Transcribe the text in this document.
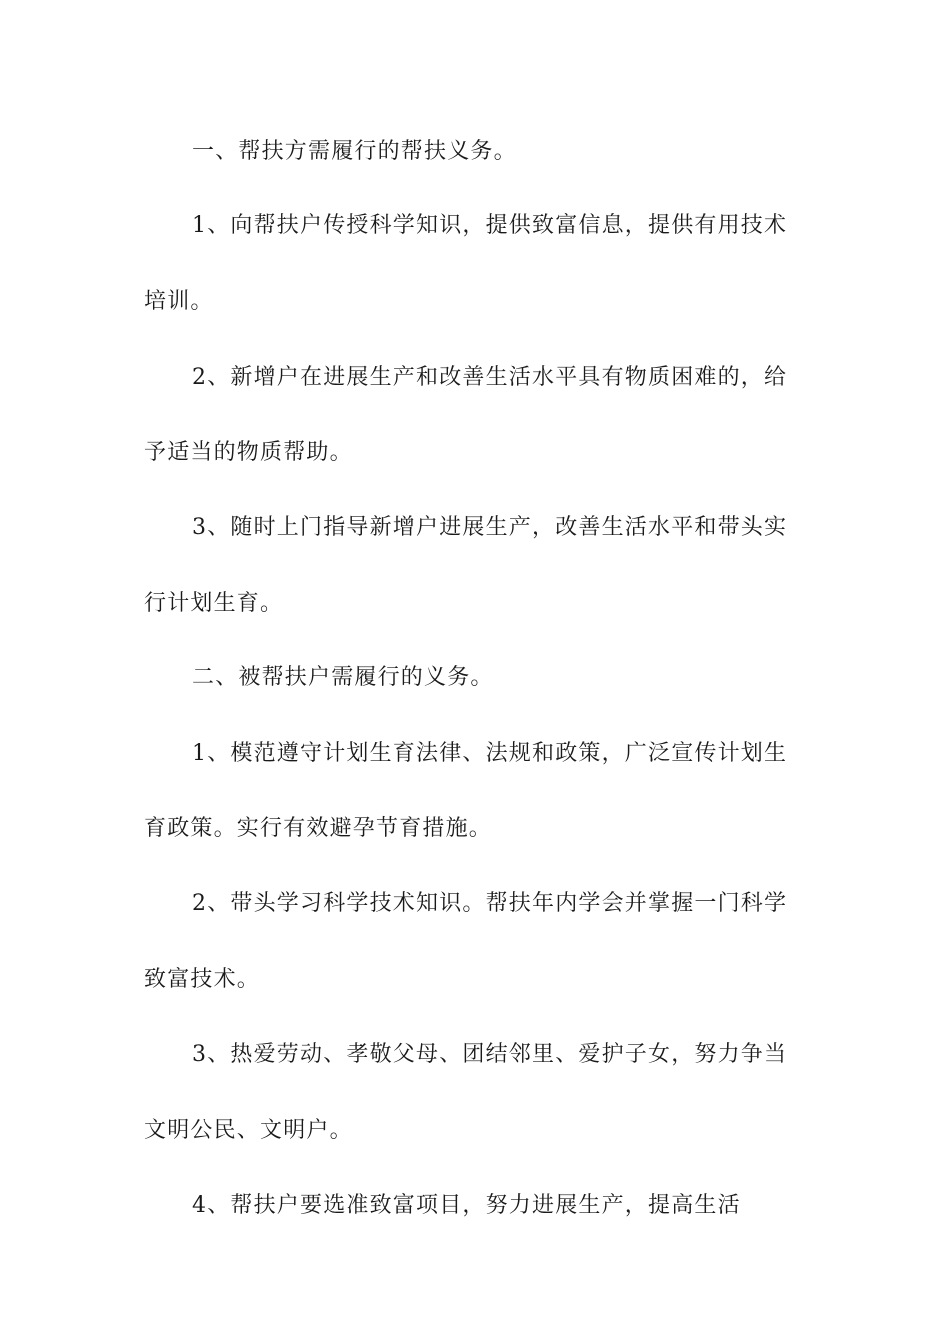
一、帮扶方需履行的帮扶义务。

1、向帮扶户传授科学知识，提供致富信息，提供有用技术

培训。

2、新增户在进展生产和改善生活水平具有物质困难的，给

予适当的物质帮助。

3、随时上门指导新增户进展生产，改善生活水平和带头实

行计划生育。

二、被帮扶户需履行的义务。

1、模范遵守计划生育法律、法规和政策，广泛宣传计划生

育政策。实行有效避孕节育措施。

2、带头学习科学技术知识。帮扶年内学会并掌握一门科学

致富技术。

3、热爱劳动、孝敬父母、团结邻里、爱护子女，努力争当

文明公民、文明户。

4、帮扶户要选准致富项目，努力进展生产，提高生活
